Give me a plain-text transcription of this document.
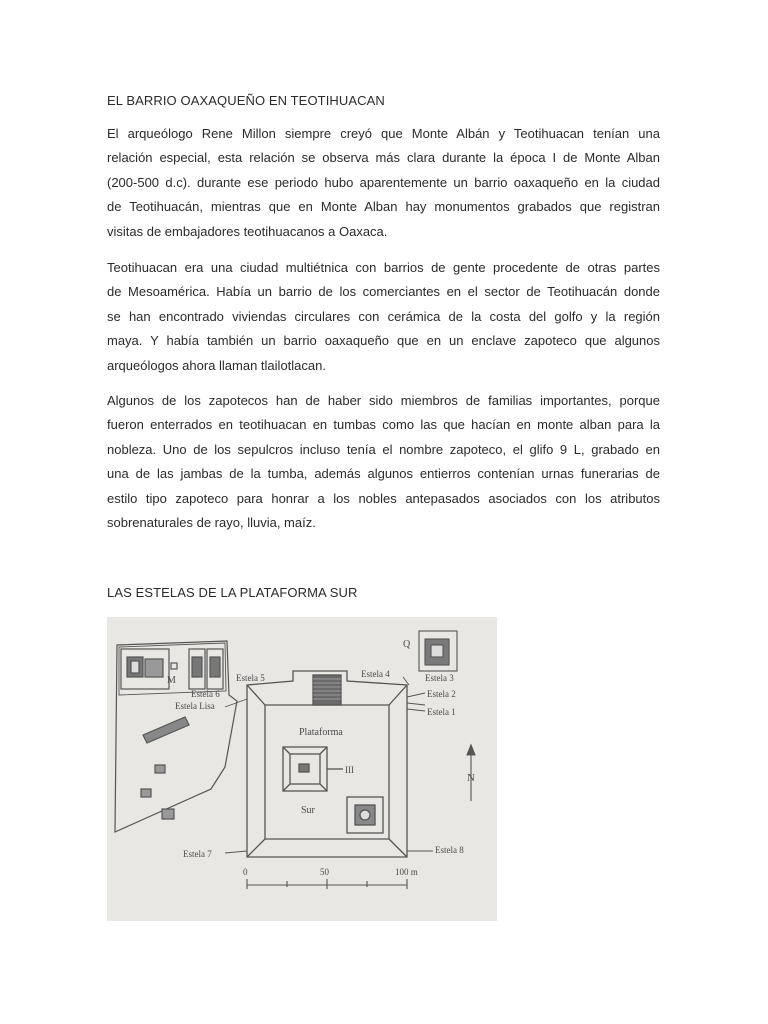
EL BARRIO OAXAQUEÑO EN TEOTIHUACAN
El arqueólogo Rene Millon siempre creyó que Monte Albán y Teotihuacan tenían una
relación especial, esta relación se observa más clara durante la época I de Monte Alban
(200-500 d.c). durante ese periodo hubo aparentemente un barrio oaxaqueño en la ciudad
de Teotihuacán, mientras que en Monte Alban hay monumentos grabados que registran
visitas de embajadores teotihuacanos a Oaxaca.
Teotihuacan era una ciudad multiétnica con barrios de gente procedente de otras partes
de Mesoamérica. Había un barrio de los comerciantes en el sector de Teotihuacán donde
se han encontrado viviendas circulares con cerámica de la costa del golfo y la región
maya. Y había también un barrio oaxaqueño que en un enclave zapoteco que algunos
arqueólogos ahora llaman tlailotlacan.
Algunos de los zapotecos han de haber sido miembros de familias importantes, porque
fueron enterrados en teotihuacan en tumbas como las que hacían en monte alban para la
nobleza. Uno de los sepulcros incluso tenía el nombre zapoteco, el glifo 9 L, grabado en
una de las jambas de la tumba, además algunos entierros contenían urnas funerarias de
estilo tipo zapoteco para honrar a los nobles antepasados asociados con los atributos
sobrenaturales de rayo, lluvia, maíz.
LAS ESTELAS DE LA PLATAFORMA SUR
Estela 5
Estela 6
Estela Lisa
Estela 4	Estela 3
Estela 2
Estela 1
Estela 7	Estela 8
Plataforma
Sur
III
M
Q
N
0	50	100 m
